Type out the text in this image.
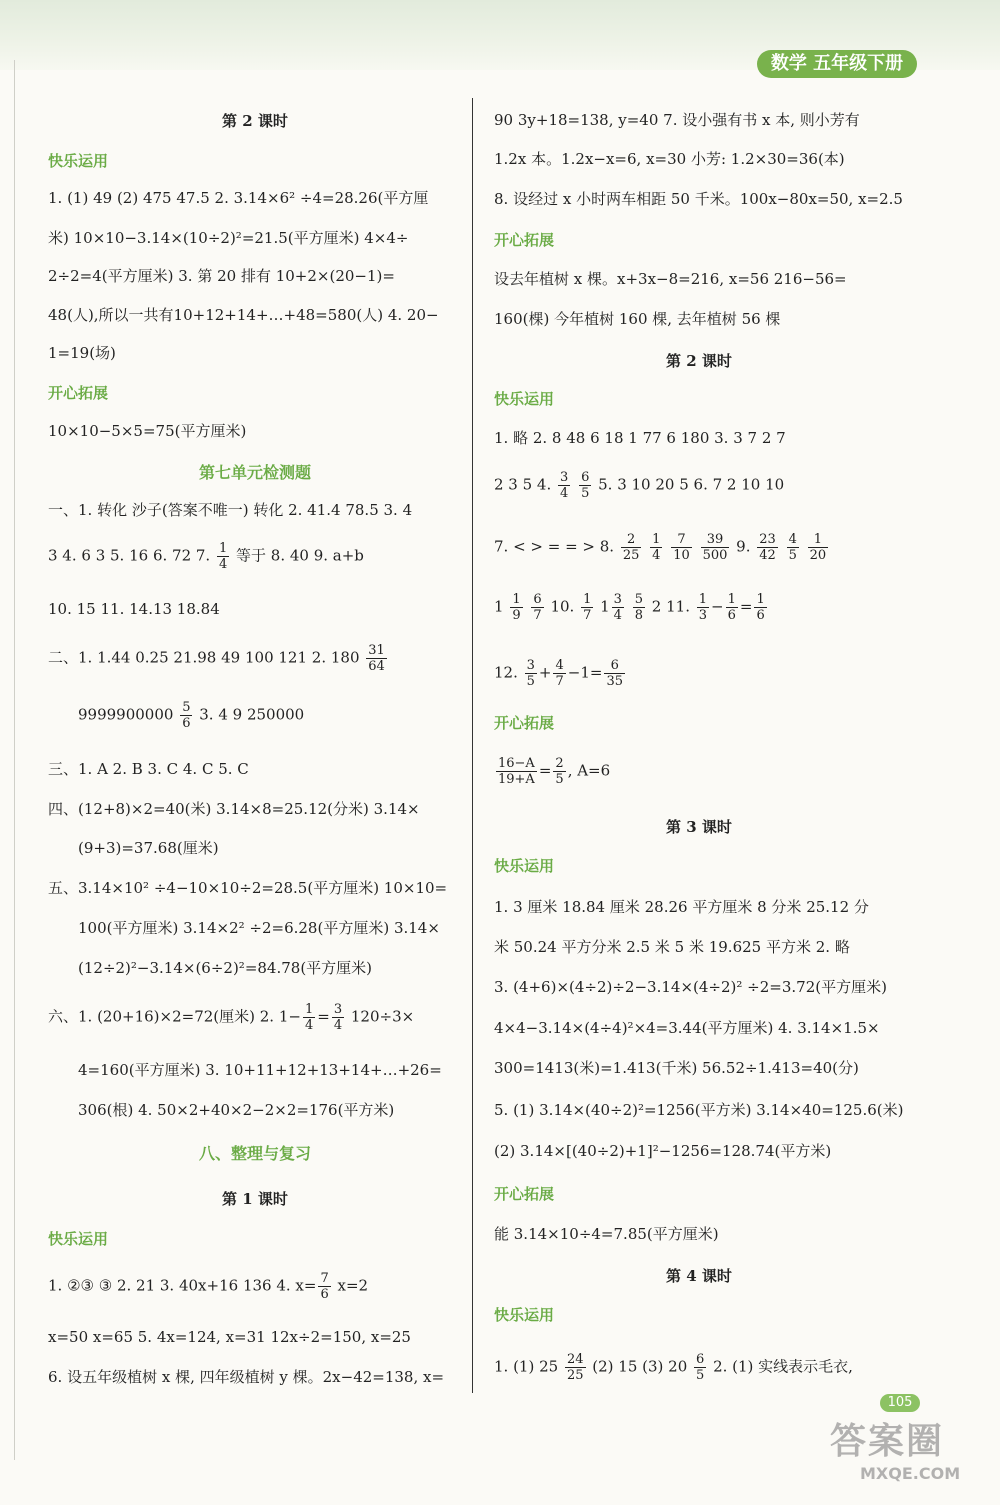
数学 五年级下册
第 2 课时
快乐运用
1. (1) 49 (2) 475 47.5 2. 3.14×6² ÷4=28.26(平方厘
米) 10×10−3.14×(10÷2)²=21.5(平方厘米) 4×4÷
2÷2=4(平方厘米) 3. 第 20 排有 10+2×(20−1)=
48(人),所以一共有10+12+14+…+48=580(人) 4. 20−
1=19(场)
开心拓展
10×10−5×5=75(平方厘米)
第七单元检测题
一、1. 转化 沙子(答案不唯一) 转化 2. 41.4 78.5 3. 4
3 4. 6 3 5. 16 6. 72 7. $\frac{1}{4}$ 等于 8. 40 9. a+b
10. 15 11. 14.13 18.84
二、1. 1.44 0.25 21.98 49 100 121 2. $180 \frac{31}{64}$
$9999900000 \frac{5}{6} 3$. 4 9 250000
三、1. A 2. B 3. C 4. C 5. C
四、(12+8)×2=40(米) 3.14×8=25.12(分米) 3.14×
(9+3)=37.68(厘米)
五、3.14×10² ÷4−10×10÷2=28.5(平方厘米) 10×10=
100(平方厘米) 3.14×2² ÷2=6.28(平方厘米) 3.14×
(12÷2)²−3.14×(6÷2)²=84.78(平方厘米)
六、1. (20+16)×2=72(厘米) 2. $1- \frac{1}{4} = \frac{3}{4} 120\div 3\times$
4=160(平方厘米) 3. 10+11+12+13+14+…+26=
306(根) 4. 50×2+40×2−2×2=176(平方米)
八、整理与复习
第 1 课时
快乐运用
1. ②③ ③ 2. 21 3. 40x+16 136 4. $x= \frac{7}{6} x=2$
x=50 x=65 5. 4x=124, x=31 12x÷2=150, x=25
6. 设五年级植树 x 棵, 四年级植树 y 棵。2x−42=138, x=
90 3y+18=138, y=40 7. 设小强有书 x 本, 则小芳有
1.2x 本。1.2x−x=6, x=30 小芳: 1.2×30=36(本)
8. 设经过 x 小时两车相距 50 千米。100x−80x=50, x=2.5
开心拓展
设去年植树 x 棵。x+3x−8=216, x=56 216−56=
160(棵) 今年植树 160 棵, 去年植树 56 棵
第 2 课时
快乐运用
1. 略 2. 8 48 6 18 1 77 6 180 3. 3 7 2 7
2 3 5 4. $\frac{3}{4}$
$\frac{6}{5} 5$. 3 10 20 5 6. 7 2 10 10
7. < > = = > 8. $\frac{2}{25}$
$\frac{1}{4}$
$\frac{7}{10}$
$\frac{39}{500} 9$. $\frac{23}{42}$
$\frac{4}{5}$
$\frac{1}{20}$
$1 \frac{1}{9}$
$\frac{6}{7} 10$. $\frac{1}{7} 1 \frac{3}{4}$
$\frac{5}{8} 2$ 11. $\frac{1}{3} - \frac{1}{6} = \frac{1}{6}$
12. $\frac{3}{5} + \frac{4}{7} -1= \frac{6}{35}$
开心拓展
$\frac{16-A}{19+A} = \frac{2}{5}$ , A=6
第 3 课时
快乐运用
1. 3 厘米 18.84 厘米 28.26 平方厘米 8 分米 25.12 分
米 50.24 平方分米 2.5 米 5 米 19.625 平方米 2. 略
3. (4+6)×(4÷2)÷2−3.14×(4÷2)² ÷2=3.72(平方厘米)
4×4−3.14×(4÷4)²×4=3.44(平方厘米) 4. 3.14×1.5×
300=1413(米)=1.413(千米) 56.52÷1.413=40(分)
5. (1) 3.14×(40÷2)²=1256(平方米) 3.14×40=125.6(米)
(2) 3.14×[(40÷2)+1]²−1256=128.74(平方米)
开心拓展
能 3.14×10÷4=7.85(平方厘米)
第 4 课时
快乐运用
1. (1) $25 \frac{24}{25} (2)$ 15 (3) $20 \frac{6}{5} 2$. (1) 实线表示毛衣,
105
答案圈
MXQE.COM
